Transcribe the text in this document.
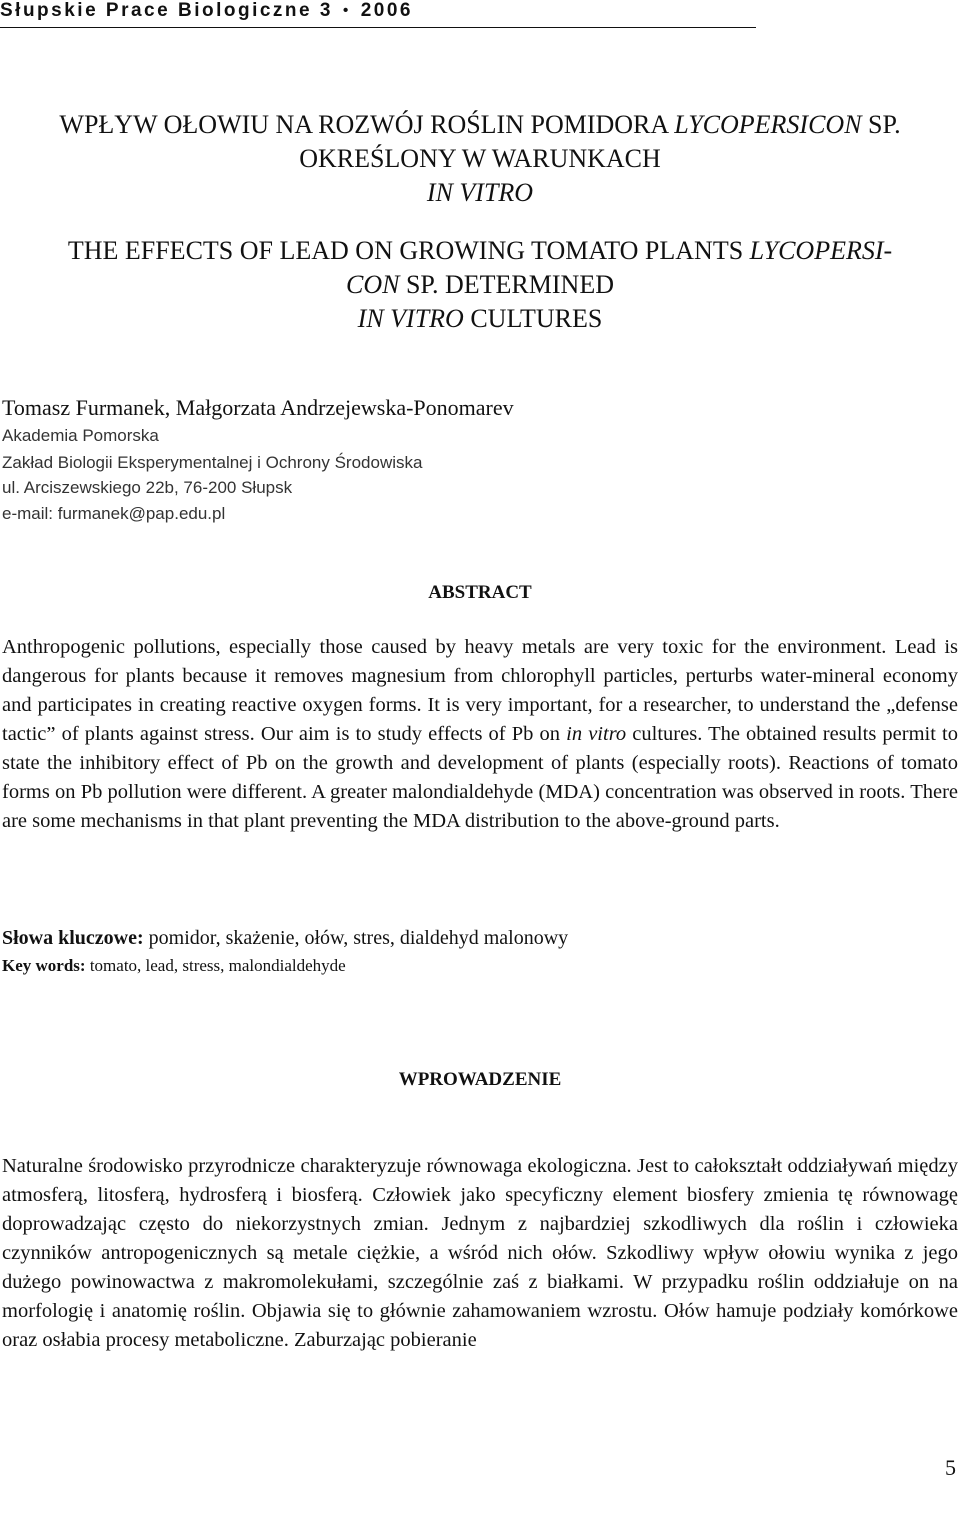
Słupskie Prace Biologiczne 3 • 2006
WPŁYW OŁOWIU NA ROZWÓJ ROŚLIN POMIDORA LYCOPERSICON SP.
OKREŚLONY W WARUNKACH
IN VITRO
THE EFFECTS OF LEAD ON GROWING TOMATO PLANTS LYCOPERSI-
CON SP. DETERMINED
IN VITRO CULTURES
Tomasz Furmanek, Małgorzata Andrzejewska-Ponomarev
Akademia Pomorska
Zakład Biologii Eksperymentalnej i Ochrony Środowiska
ul. Arciszewskiego 22b, 76-200 Słupsk
e-mail: furmanek@pap.edu.pl
ABSTRACT
Anthropogenic pollutions, especially those caused by heavy metals are very toxic for the environment. Lead is dangerous for plants because it removes magnesium from chlorophyll particles, perturbs water-mineral economy and participates in creating reactive oxygen forms. It is very important, for a researcher, to understand the „defense tactic” of plants against stress. Our aim is to study effects of Pb on in vitro cultures. The obtained results permit to state the inhibitory effect of Pb on the growth and development of plants (especially roots). Reactions of tomato forms on Pb pollution were different. A greater malondialdehyde (MDA) concentration was observed in roots. There are some mechanisms in that plant preventing the MDA distribution to the above-ground parts.
Słowa kluczowe: pomidor, skażenie, ołów, stres, dialdehyd malonowy
Key words: tomato, lead, stress, malondialdehyde
WPROWADZENIE
Naturalne środowisko przyrodnicze charakteryzuje równowaga ekologiczna. Jest to całokształt oddziaływań między atmosferą, litosferą, hydrosferą i biosferą. Człowiek jako specyficzny element biosfery zmienia tę równowagę doprowadzając często do niekorzystnych zmian. Jednym z najbardziej szkodliwych dla roślin i człowieka czynników antropogenicznych są metale ciężkie, a wśród nich ołów. Szkodliwy wpływ ołowiu wynika z jego dużego powinowactwa z makromolekułami, szczególnie zaś z białkami. W przypadku roślin oddziałuje on na morfologię i anatomię roślin. Objawia się to głównie zahamowaniem wzrostu. Ołów hamuje podziały komórkowe oraz osłabia procesy metaboliczne. Zaburzając pobieranie
5
